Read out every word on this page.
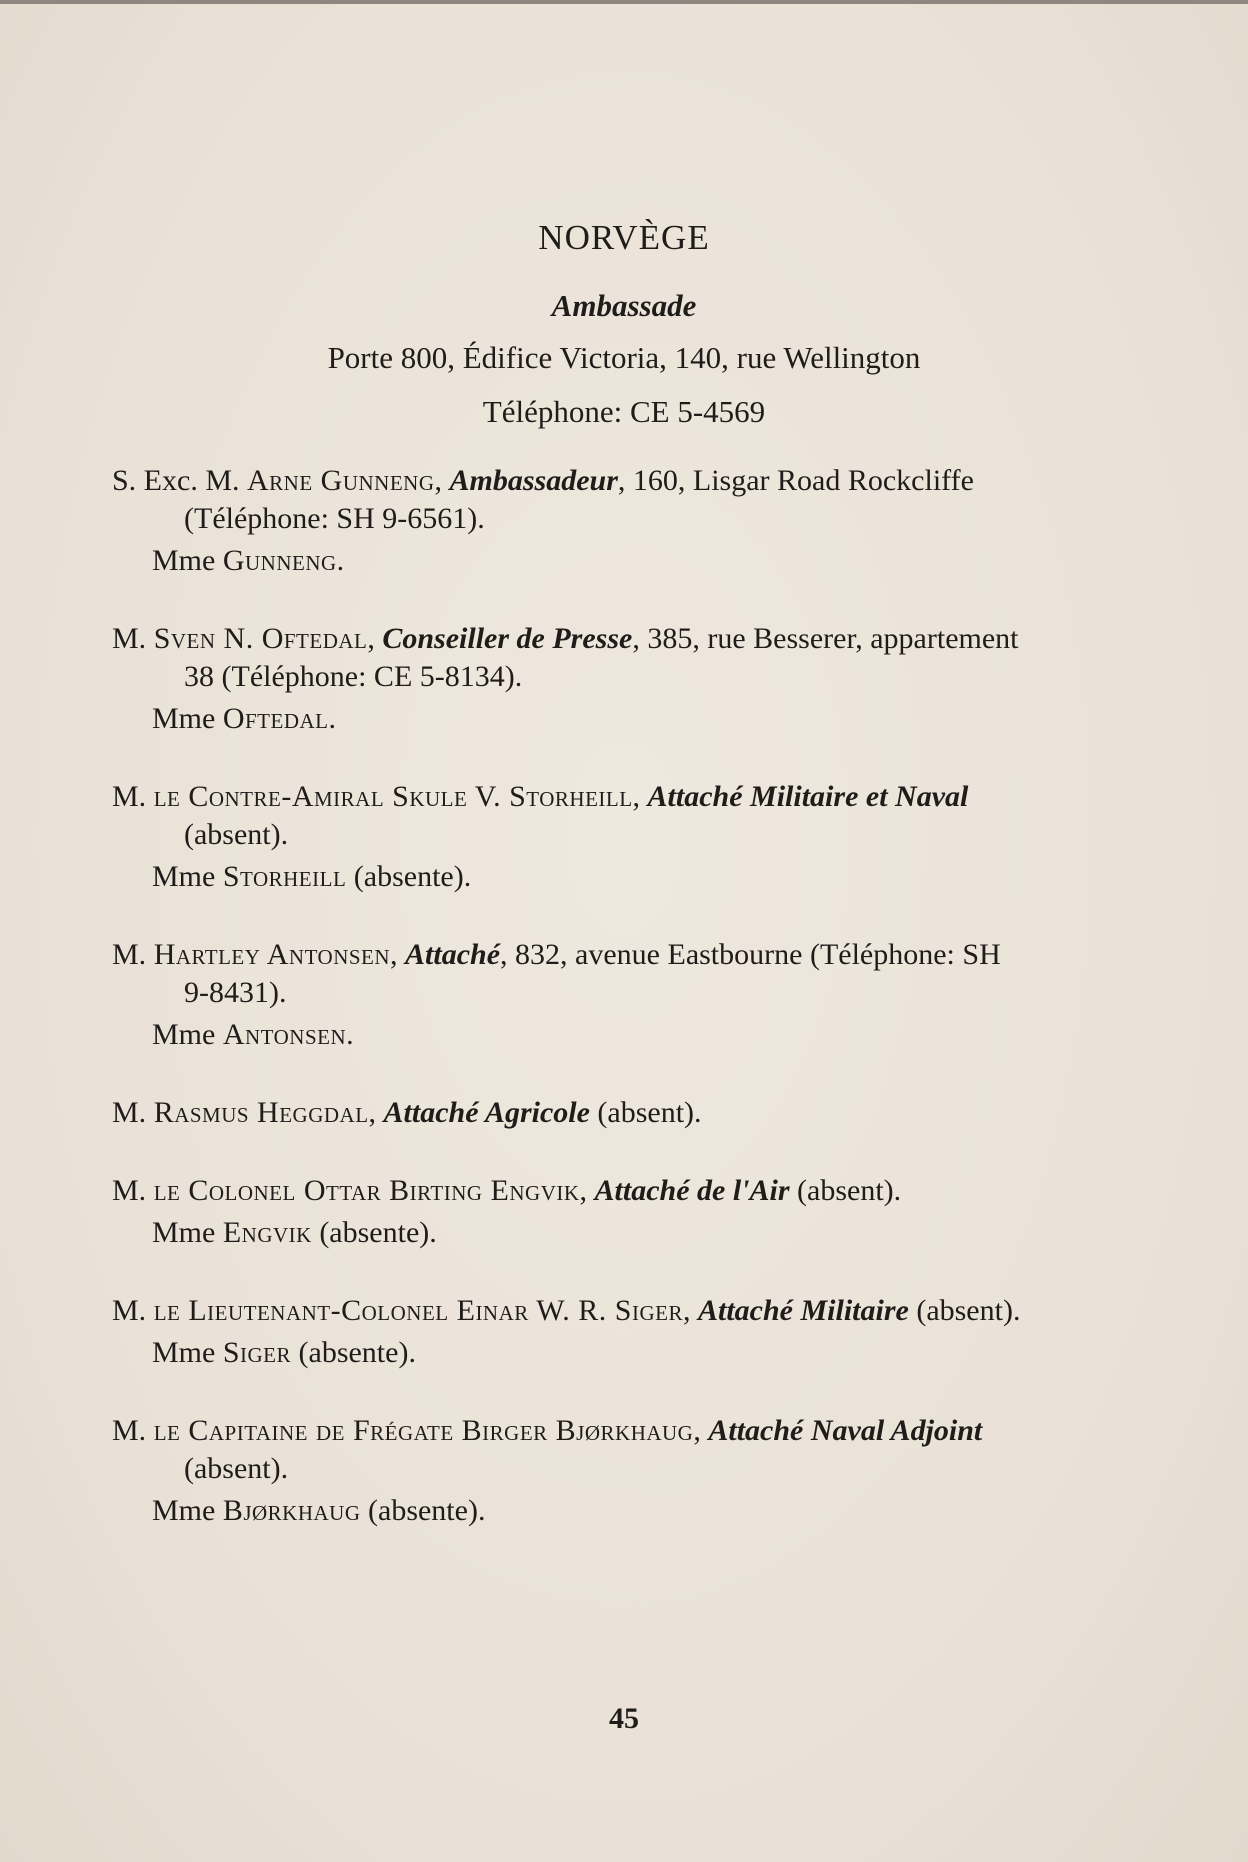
NORVÈGE
Ambassade
Porte 800, Édifice Victoria, 140, rue Wellington
Téléphone: CE 5-4569
S. Exc. M. Arne Gunneng, Ambassadeur, 160, Lisgar Road Rockcliffe (Téléphone: SH 9-6561).
Mme Gunneng.
M. Sven N. Oftedal, Conseiller de Presse, 385, rue Besserer, appartement 38 (Téléphone: CE 5-8134).
Mme Oftedal.
M. le Contre-Amiral Skule V. Storheill, Attaché Militaire et Naval (absent).
Mme Storheill (absente).
M. Hartley Antonsen, Attaché, 832, avenue Eastbourne (Téléphone: SH 9-8431).
Mme Antonsen.
M. Rasmus Heggdal, Attaché Agricole (absent).
M. le Colonel Ottar Birting Engvik, Attaché de l'Air (absent).
Mme Engvik (absente).
M. le Lieutenant-Colonel Einar W. R. Siger, Attaché Militaire (absent).
Mme Siger (absente).
M. le Capitaine de Frégate Birger Bjørkhaug, Attaché Naval Adjoint (absent).
Mme Bjørkhaug (absente).
45
